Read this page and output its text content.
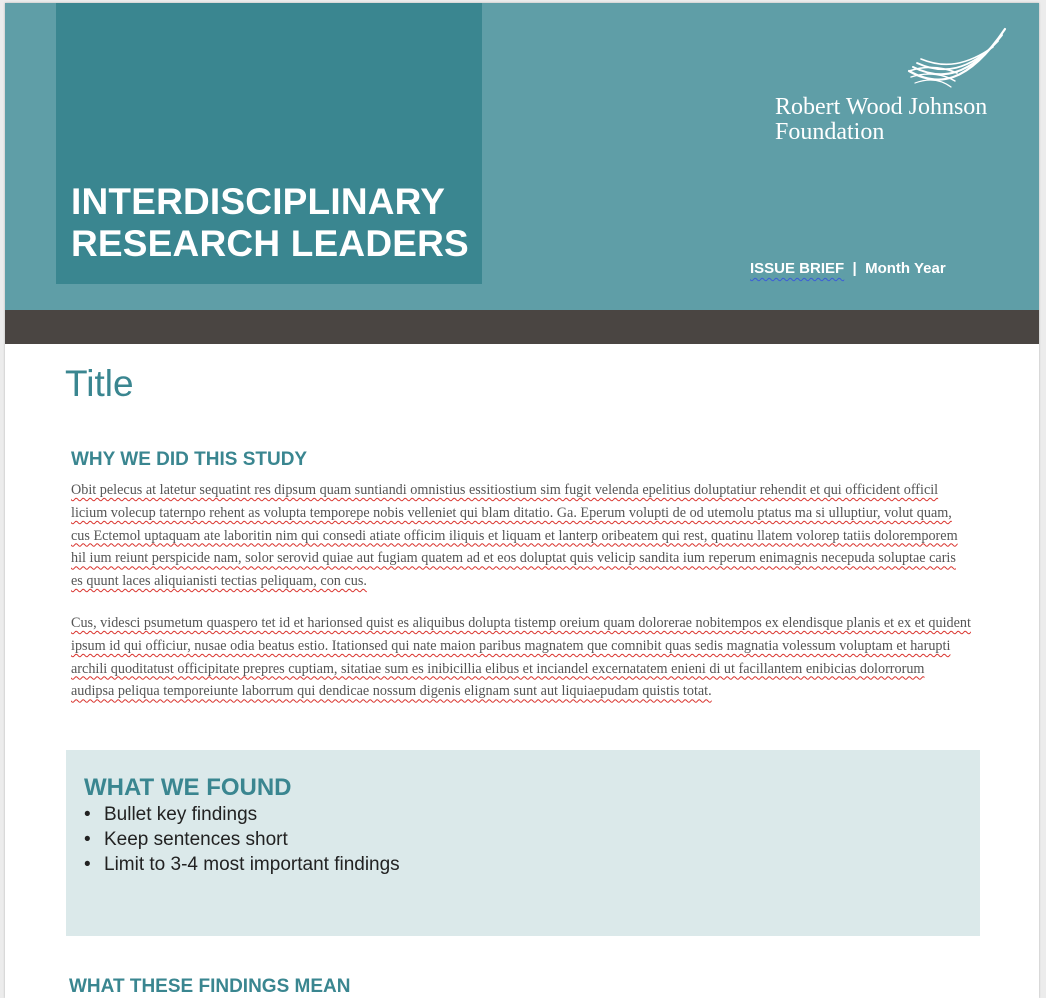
INTERDISCIPLINARY
RESEARCH LEADERS
Robert Wood Johnson
Foundation
ISSUE BRIEF | Month Year
Title
WHY WE DID THIS STUDY

Obit pelecus at latetur sequatint res dipsum quam suntiandi omnistius essitiostium sim fugit velenda epelitius doluptatiur rehendit et qui officident officil licium volecup taternpo rehent as volupta temporepe nobis velleniet qui blam ditatio. Ga. Eperum volupti de od utemolu ptatus ma si ulluptiur, volut quam, cus Ectemol uptaquam ate laboritin nim qui consedi atiate officim iliquis et liquam et lanterp oribeatem qui rest, quatinu llatem volorep tatiis doloremporem hil ium reiunt perspicide nam, solor serovid quiae aut fugiam quatem ad et eos doluptat quis velicip sandita ium reperum enimagnis necepuda soluptae caris es quunt laces aliquianisti tectias peliquam, con cus.

Cus, videsci psumetum quaspero tet id et harionsed quist es aliquibus dolupta tistemp oreium quam dolorerae nobitempos ex elendisque planis et ex et quident ipsum id qui officiur, nusae odia beatus estio. Itationsed qui nate maion paribus magnatem que comnibit quas sedis magnatia volessum voluptam et harupti archili quoditatust officipitate prepres cuptiam, sitatiae sum es inibicillia elibus et inciandel excernatatem enieni di ut facillantem enibicias dolorrorum audipsa peliqua temporeiunte laborrum qui dendicae nossum digenis elignam sunt aut liquiaepudam quistis totat.

WHAT WE FOUND
• Bullet key findings
• Keep sentences short
• Limit to 3-4 most important findings
WHAT THESE FINDINGS MEAN
